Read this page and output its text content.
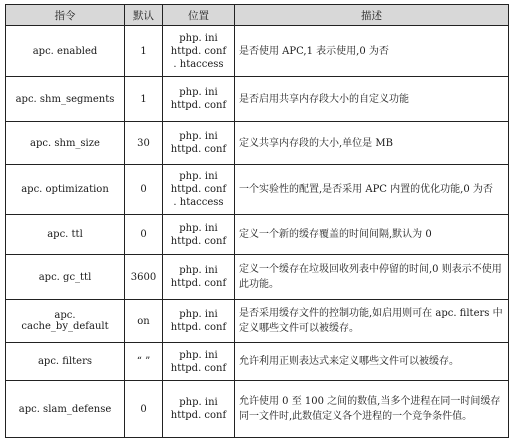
指令	默认	位置	描述
apc. enabled	1	php. ini
httpd. conf
. htaccess	是否使用 APC,1 表示使用,0 为否
apc. shm_segments	1	php. ini
httpd. conf	是否启用共享内存段大小的自定义功能
apc. shm_size	30	php. ini
httpd. conf	定义共享内存段的大小,单位是 MB
apc. optimization	0	php. ini
httpd. conf
. htaccess	一个实验性的配置,是否采用 APC 内置的优化功能,0 为否
apc. ttl	0	php. ini
httpd. conf	定义一个新的缓存覆盖的时间间隔,默认为 0
apc. gc_ttl	3600	php. ini
httpd. conf	定义一个缓存在垃圾回收列表中停留的时间,0 则表示不使用此功能。
apc. cache_by_default	on	php. ini
httpd. conf	是否采用缓存文件的控制功能,如启用则可在 apc. filters 中定义哪些文件可以被缓存。
apc. filters	“ ”	php. ini
httpd. conf	允许利用正则表达式来定义哪些文件可以被缓存。
apc. slam_defense	0	php. ini
httpd. conf	允许使用 0 至 100 之间的数值,当多个进程在同一时间缓存同一文件时,此数值定义各个进程的一个竞争条件值。
